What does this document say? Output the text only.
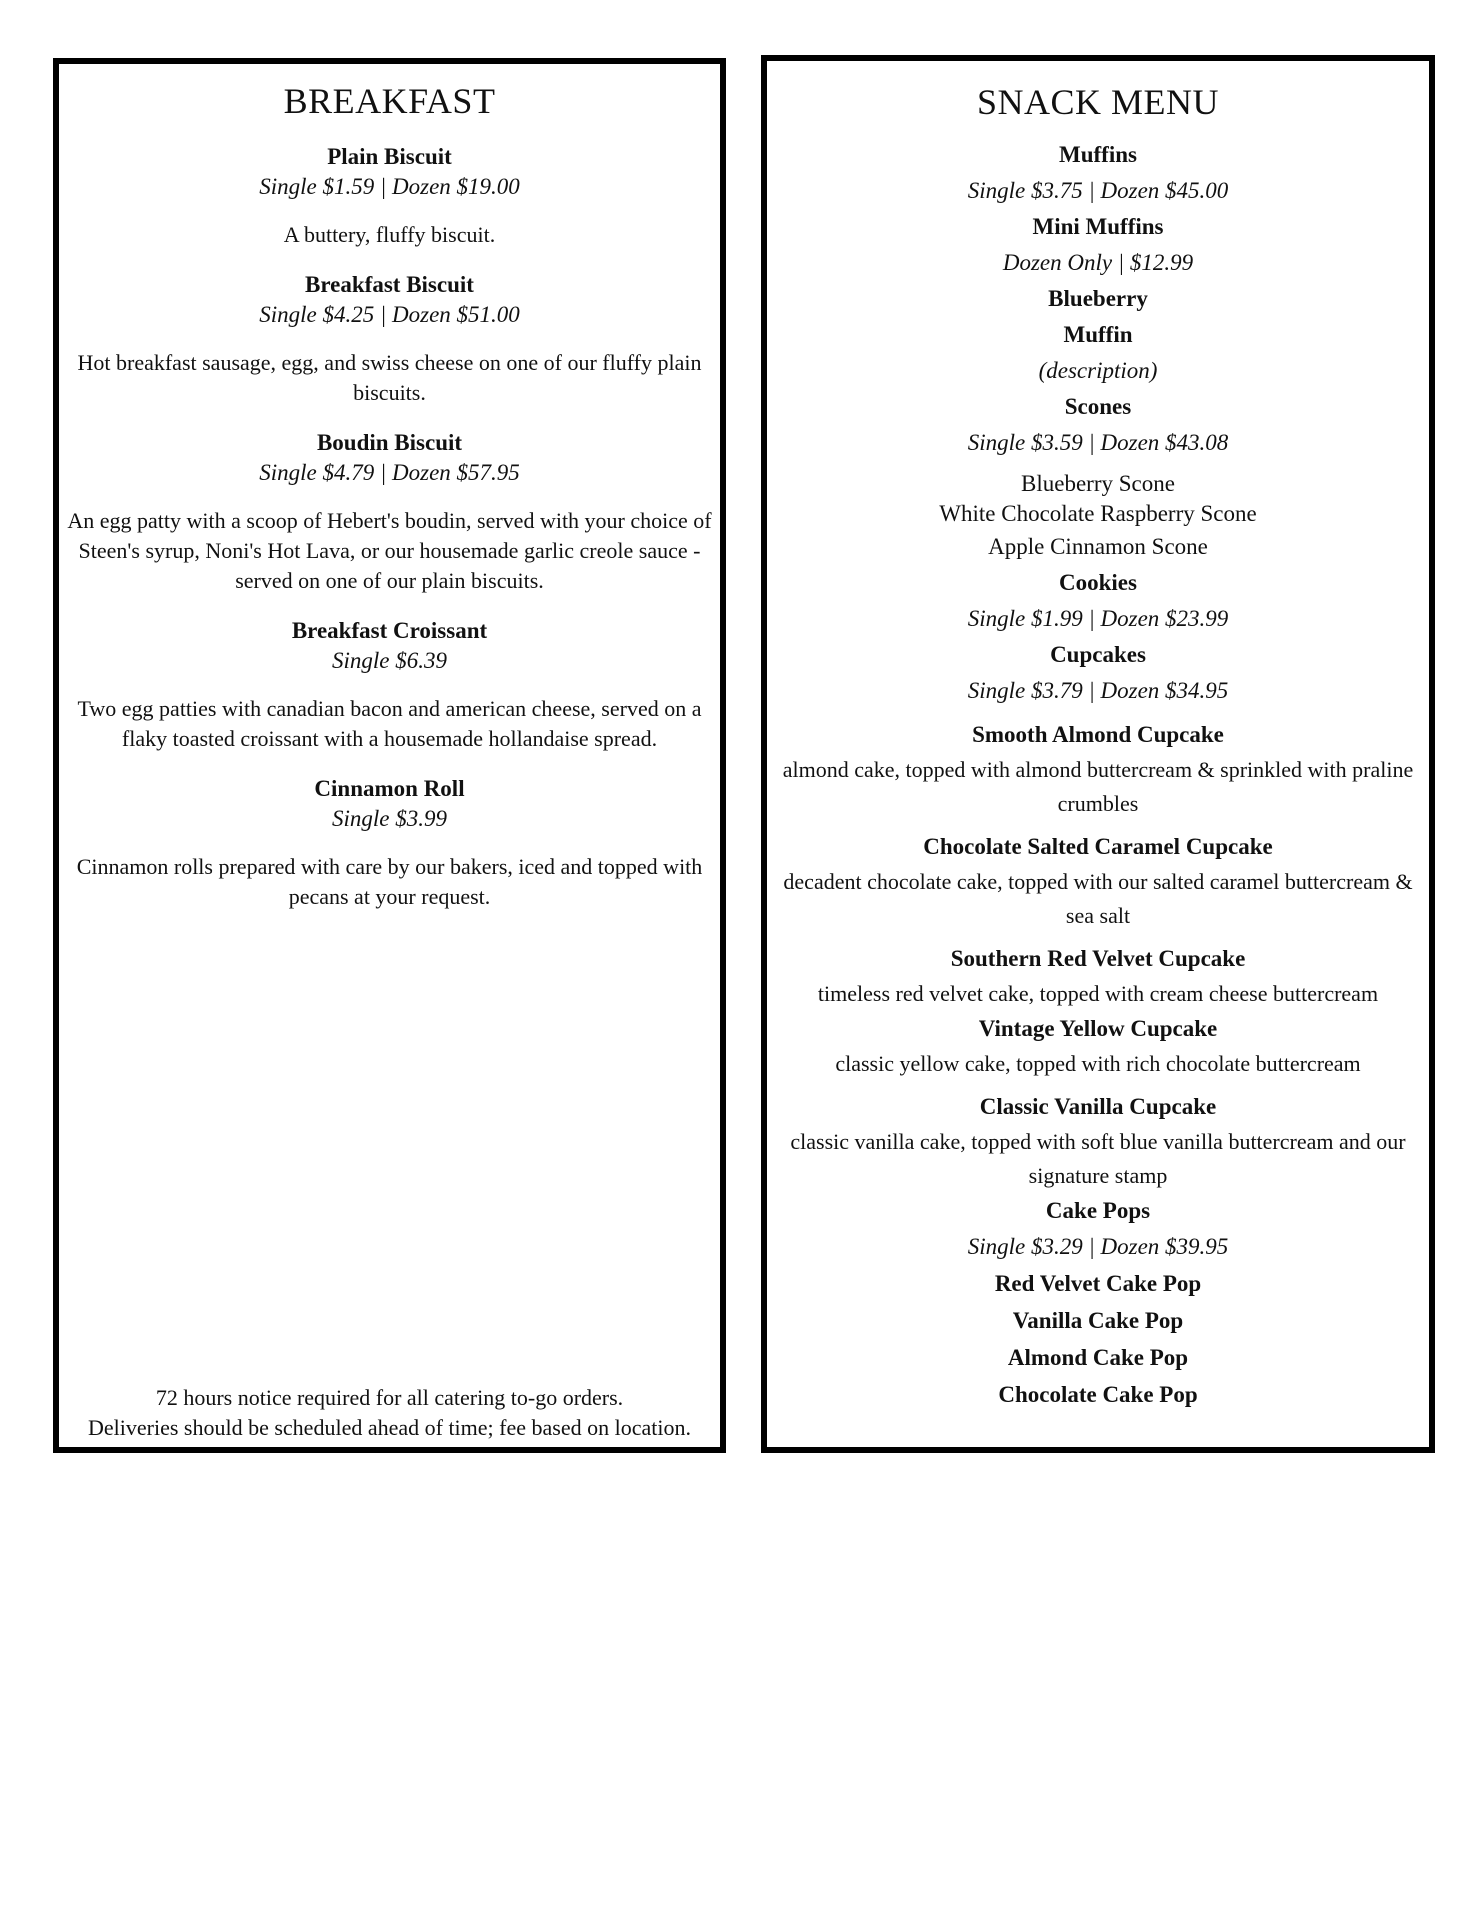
BREAKFAST
Plain Biscuit
Single $1.59 | Dozen $19.00
A buttery, fluffy biscuit.
Breakfast Biscuit
Single $4.25 | Dozen $51.00
Hot breakfast sausage, egg, and swiss cheese on one of our fluffy plain biscuits.
Boudin Biscuit
Single $4.79 | Dozen $57.95
An egg patty with a scoop of Hebert's boudin, served with your choice of Steen's syrup, Noni's Hot Lava, or our housemade garlic creole sauce - served on one of our plain biscuits.
Breakfast Croissant
Single $6.39
Two egg patties with canadian bacon and american cheese, served on a flaky toasted croissant with a housemade hollandaise spread.
Cinnamon Roll
Single $3.99
Cinnamon rolls prepared with care by our bakers, iced and topped with pecans at your request.
72 hours notice required for all catering to-go orders.
Deliveries should be scheduled ahead of time; fee based on location.
SNACK MENU
Muffins
Single $3.75 | Dozen $45.00
Mini Muffins
Dozen Only | $12.99
Blueberry
Muffin
(description)
Scones
Single $3.59 | Dozen $43.08
Blueberry Scone
White Chocolate Raspberry Scone
Apple Cinnamon Scone
Cookies
Single $1.99 | Dozen $23.99
Cupcakes
Single $3.79 | Dozen $34.95
Smooth Almond Cupcake
almond cake, topped with almond buttercream & sprinkled with praline crumbles
Chocolate Salted Caramel Cupcake
decadent chocolate cake, topped with our salted caramel buttercream & sea salt
Southern Red Velvet Cupcake
timeless red velvet cake, topped with cream cheese buttercream
Vintage Yellow Cupcake
classic yellow cake, topped with rich chocolate buttercream
Classic Vanilla Cupcake
classic vanilla cake, topped with soft blue vanilla buttercream and our signature stamp
Cake Pops
Single $3.29 | Dozen $39.95
Red Velvet Cake Pop
Vanilla Cake Pop
Almond Cake Pop
Chocolate Cake Pop
